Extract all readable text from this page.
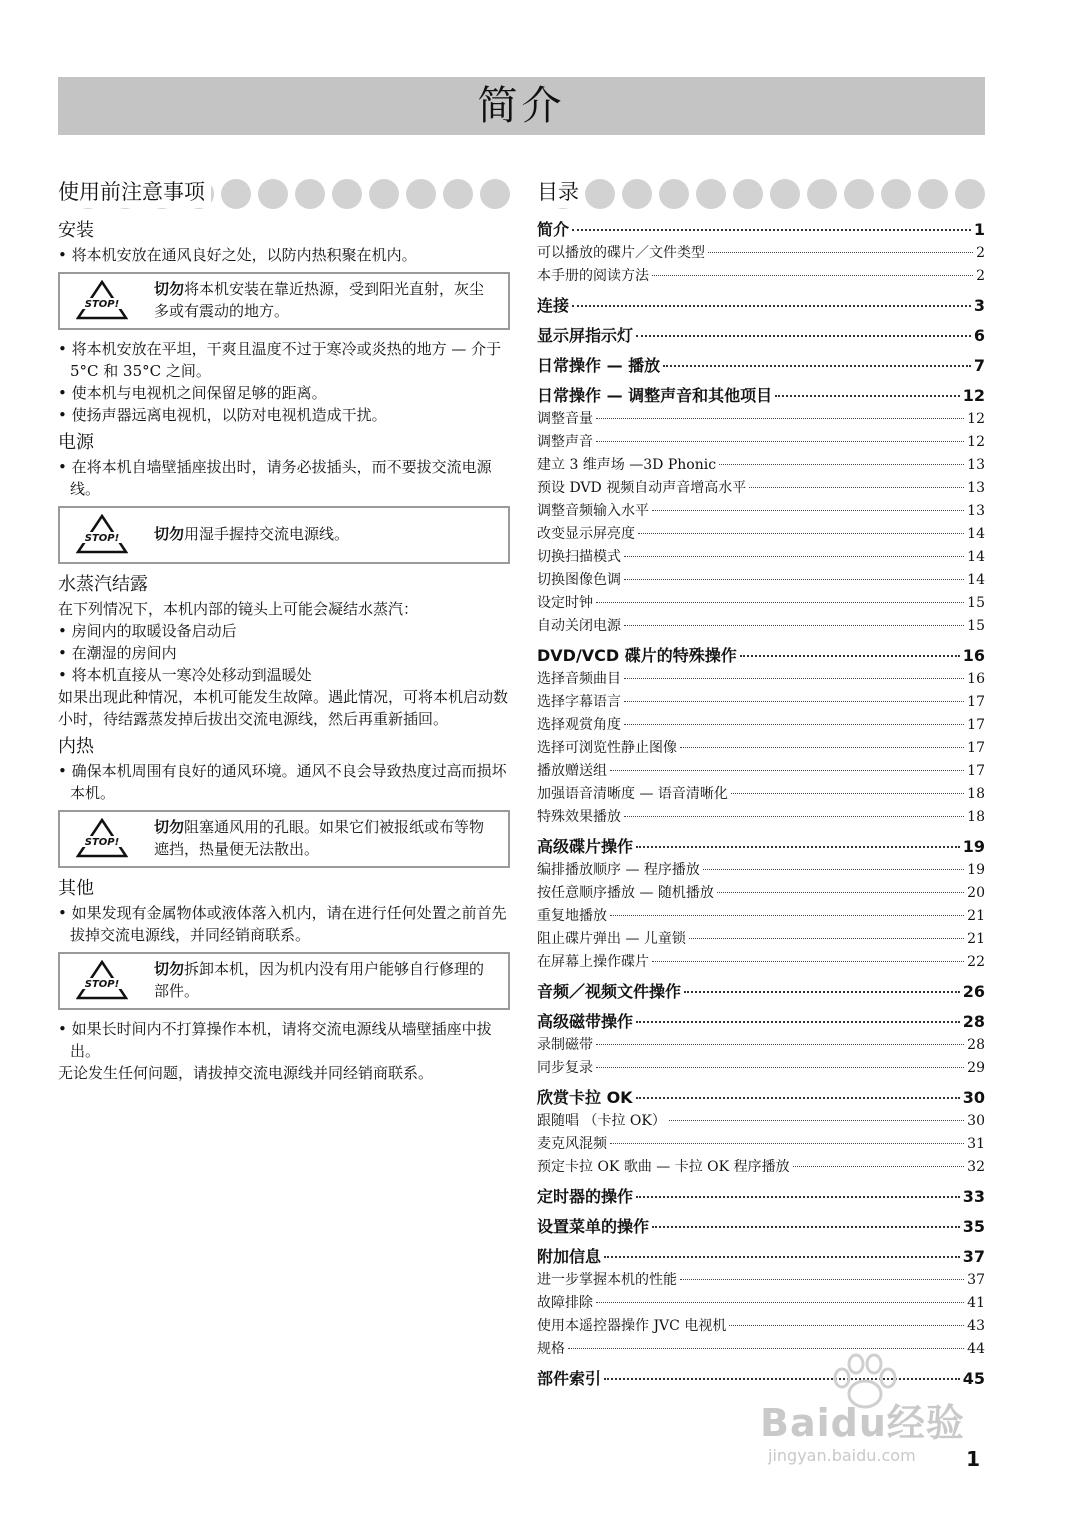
简介
使用前注意事项
安装
• 将本机安放在通风良好之处，以防内热积聚在机内。
STOP!
切勿将本机安装在靠近热源，受到阳光直射，灰尘多或有震动的地方。
• 将本机安放在平坦，干爽且温度不过于寒冷或炎热的地方 — 介于 5°C 和 35°C 之间。
• 使本机与电视机之间保留足够的距离。
• 使扬声器远离电视机，以防对电视机造成干扰。
电源
• 在将本机自墙壁插座拔出时，请务必拔插头，而不要拔交流电源线。
STOP! 切勿用湿手握持交流电源线。
水蒸汽结露
在下列情况下，本机内部的镜头上可能会凝结水蒸汽：
• 房间内的取暖设备启动后
• 在潮湿的房间内
• 将本机直接从一寒冷处移动到温暖处
如果出现此种情况，本机可能发生故障。遇此情况，可将本机启动数小时，待结露蒸发掉后拔出交流电源线，然后再重新插回。
内热
• 确保本机周围有良好的通风环境。通风不良会导致热度过高而损坏本机。
STOP!
切勿阻塞通风用的孔眼。如果它们被报纸或布等物遮挡，热量便无法散出。
其他
• 如果发现有金属物体或液体落入机内，请在进行任何处置之前首先拔掉交流电源线，并同经销商联系。
STOP!
切勿拆卸本机，因为机内没有用户能够自行修理的部件。
• 如果长时间内不打算操作本机，请将交流电源线从墙壁插座中拔出。
无论发生任何问题，请拔掉交流电源线并同经销商联系。
目录
简介	1
可以播放的碟片／文件类型	2
本手册的阅读方法	2
连接	3
显示屏指示灯	6
日常操作 — 播放	7
日常操作 — 调整声音和其他项目	12
调整音量	12
调整声音	12
建立 3 维声场 —3D Phonic	13
预设 DVD 视频自动声音增高水平	13
调整音频输入水平	13
改变显示屏亮度	14
切换扫描模式	14
切换图像色调	14
设定时钟	15
自动关闭电源	15
DVD/VCD 碟片的特殊操作	16
选择音频曲目	16
选择字幕语言	17
选择观赏角度	17
选择可浏览性静止图像	17
播放赠送组	17
加强语音清晰度 — 语音清晰化	18
特殊效果播放	18
高级碟片操作	19
编排播放顺序 — 程序播放	19
按任意顺序播放 — 随机播放	20
重复地播放	21
阻止碟片弹出 — 儿童锁	21
在屏幕上操作碟片	22
音频／视频文件操作	26
高级磁带操作	28
录制磁带	28
同步复录	29
欣赏卡拉 OK	30
跟随唱 （卡拉 OK）	30
麦克风混频	31
预定卡拉 OK 歌曲 — 卡拉 OK 程序播放	32
定时器的操作	33
设置菜单的操作	35
附加信息	37
进一步掌握本机的性能	37
故障排除	41
使用本遥控器操作 JVC 电视机	43
规格	44
部件索引	45
1
Baidu经验
jingyan.baidu.com
